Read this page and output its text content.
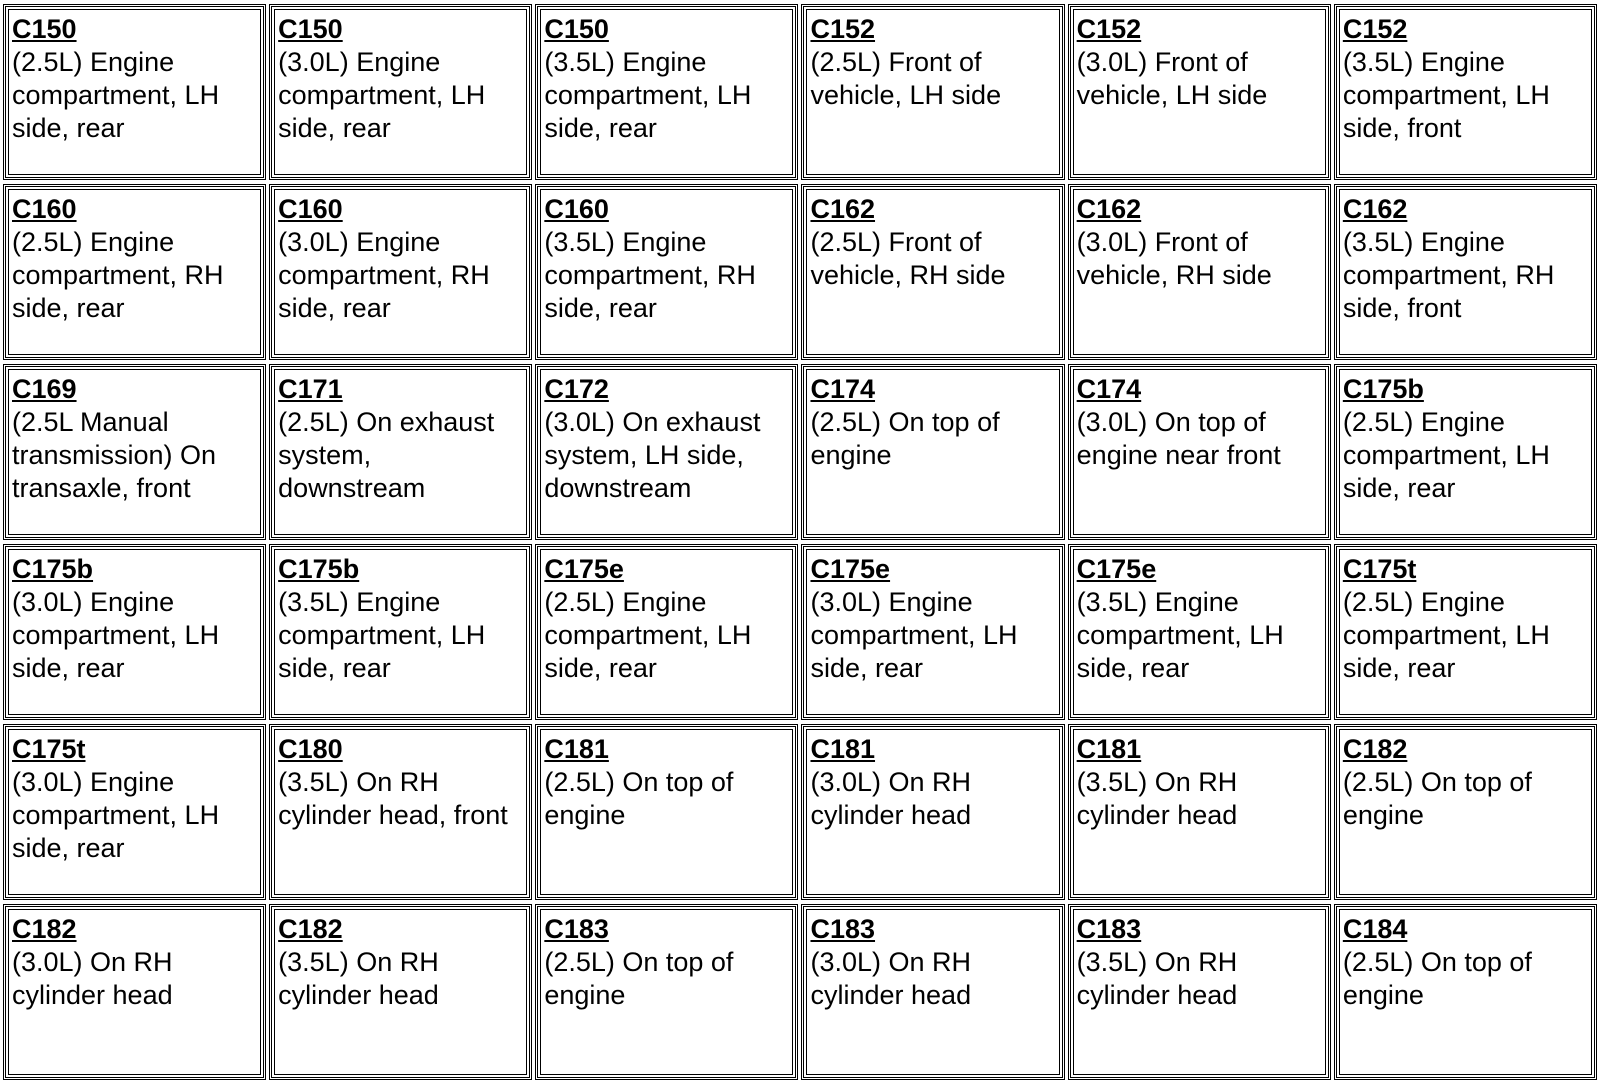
C150
(2.5L) Engine compartment, LH side, rear
C150
(3.0L) Engine compartment, LH side, rear
C150
(3.5L) Engine compartment, LH side, rear
C152
(2.5L) Front of vehicle, LH side
C152
(3.0L) Front of vehicle, LH side
C152
(3.5L) Engine compartment, LH side, front
C160
(2.5L) Engine compartment, RH side, rear
C160
(3.0L) Engine compartment, RH side, rear
C160
(3.5L) Engine compartment, RH side, rear
C162
(2.5L) Front of vehicle, RH side
C162
(3.0L) Front of vehicle, RH side
C162
(3.5L) Engine compartment, RH side, front
C169
(2.5L Manual transmission) On transaxle, front
C171
(2.5L) On exhaust system, downstream
C172
(3.0L) On exhaust system, LH side, downstream
C174
(2.5L) On top of engine
C174
(3.0L) On top of engine near front
C175b
(2.5L) Engine compartment, LH side, rear
C175b
(3.0L) Engine compartment, LH side, rear
C175b
(3.5L) Engine compartment, LH side, rear
C175e
(2.5L) Engine compartment, LH side, rear
C175e
(3.0L) Engine compartment, LH side, rear
C175e
(3.5L) Engine compartment, LH side, rear
C175t
(2.5L) Engine compartment, LH side, rear
C175t
(3.0L) Engine compartment, LH side, rear
C180
(3.5L) On RH cylinder head, front
C181
(2.5L) On top of engine
C181
(3.0L) On RH cylinder head
C181
(3.5L) On RH cylinder head
C182
(2.5L) On top of engine
C182
(3.0L) On RH cylinder head
C182
(3.5L) On RH cylinder head
C183
(2.5L) On top of engine
C183
(3.0L) On RH cylinder head
C183
(3.5L) On RH cylinder head
C184
(2.5L) On top of engine
